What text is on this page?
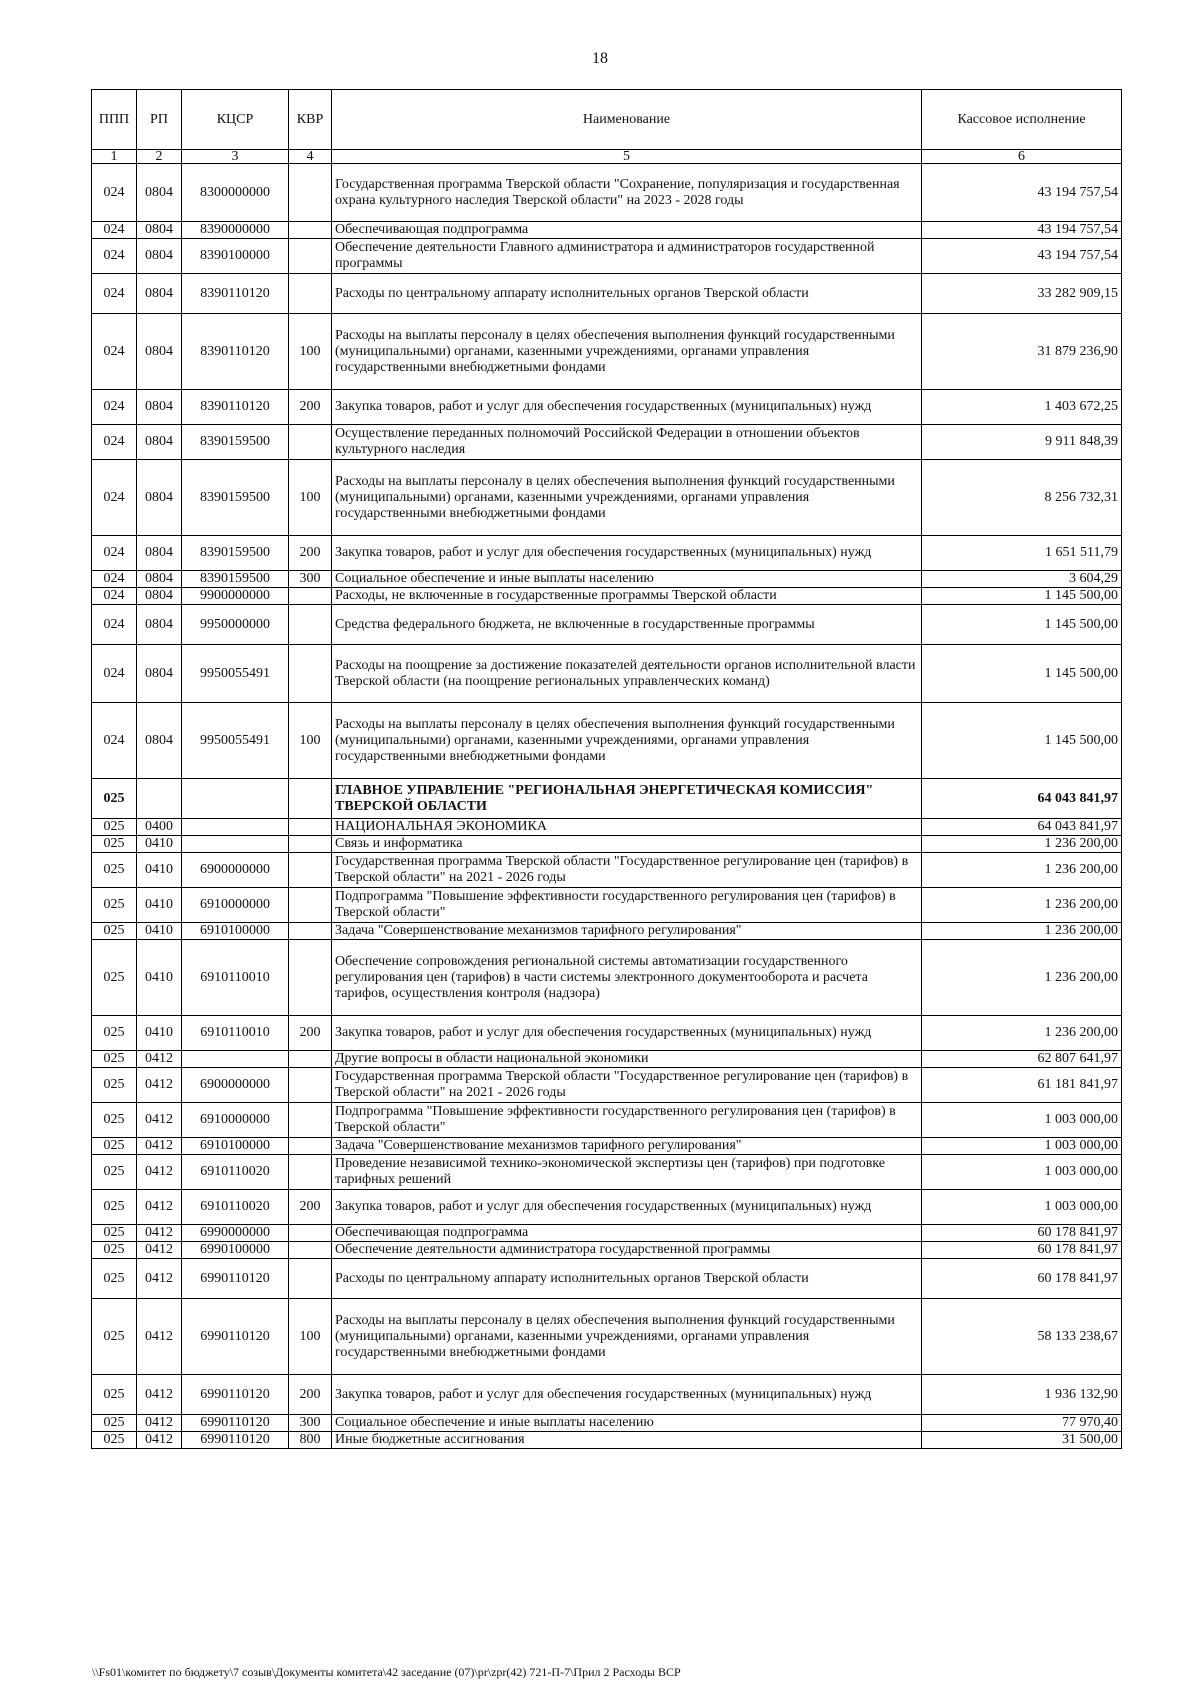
18
ППП	РП	КЦСР	КВР	Наименование	Кассовое исполнение
1	2	3	4	5	6
024	0804	8300000000		Государственная программа Тверской области "Сохранение, популяризация и государственная охрана культурного наследия Тверской области" на 2023 - 2028 годы	43 194 757,54
024	0804	8390000000		Обеспечивающая подпрограмма	43 194 757,54
024	0804	8390100000		Обеспечение деятельности Главного администратора и администраторов государственной программы	43 194 757,54
024	0804	8390110120		Расходы по центральному аппарату исполнительных органов Тверской области	33 282 909,15
024	0804	8390110120	100	Расходы на выплаты персоналу в целях обеспечения выполнения функций государственными (муниципальными) органами, казенными учреждениями, органами управления государственными внебюджетными фондами	31 879 236,90
024	0804	8390110120	200	Закупка товаров, работ и услуг для обеспечения государственных (муниципальных) нужд	1 403 672,25
024	0804	8390159500		Осуществление переданных полномочий Российской Федерации в отношении объектов культурного наследия	9 911 848,39
024	0804	8390159500	100	Расходы на выплаты персоналу в целях обеспечения выполнения функций государственными (муниципальными) органами, казенными учреждениями, органами управления государственными внебюджетными фондами	8 256 732,31
024	0804	8390159500	200	Закупка товаров, работ и услуг для обеспечения государственных (муниципальных) нужд	1 651 511,79
024	0804	8390159500	300	Социальное обеспечение и иные выплаты населению	3 604,29
024	0804	9900000000		Расходы, не включенные в государственные программы Тверской области	1 145 500,00
024	0804	9950000000		Средства федерального бюджета, не включенные в государственные программы	1 145 500,00
024	0804	9950055491		Расходы на поощрение за достижение показателей деятельности органов исполнительной власти Тверской области (на поощрение региональных управленческих команд)	1 145 500,00
024	0804	9950055491	100	Расходы на выплаты персоналу в целях обеспечения выполнения функций государственными (муниципальными) органами, казенными учреждениями, органами управления государственными внебюджетными фондами	1 145 500,00
025				ГЛАВНОЕ УПРАВЛЕНИЕ "РЕГИОНАЛЬНАЯ ЭНЕРГЕТИЧЕСКАЯ КОМИССИЯ" ТВЕРСКОЙ ОБЛАСТИ	64 043 841,97
025	0400			НАЦИОНАЛЬНАЯ ЭКОНОМИКА	64 043 841,97
025	0410			Связь и информатика	1 236 200,00
025	0410	6900000000		Государственная программа Тверской области "Государственное регулирование цен (тарифов) в Тверской области" на 2021 - 2026 годы	1 236 200,00
025	0410	6910000000		Подпрограмма "Повышение эффективности государственного регулирования цен (тарифов) в Тверской области"	1 236 200,00
025	0410	6910100000		Задача "Совершенствование механизмов тарифного регулирования"	1 236 200,00
025	0410	6910110010		Обеспечение сопровождения региональной системы автоматизации государственного регулирования цен (тарифов) в части системы электронного документооборота и расчета тарифов, осуществления контроля (надзора)	1 236 200,00
025	0410	6910110010	200	Закупка товаров, работ и услуг для обеспечения государственных (муниципальных) нужд	1 236 200,00
025	0412			Другие вопросы в области национальной экономики	62 807 641,97
025	0412	6900000000		Государственная программа Тверской области "Государственное регулирование цен (тарифов) в Тверской области" на 2021 - 2026 годы	61 181 841,97
025	0412	6910000000		Подпрограмма "Повышение эффективности государственного регулирования цен (тарифов) в Тверской области"	1 003 000,00
025	0412	6910100000		Задача "Совершенствование механизмов тарифного регулирования"	1 003 000,00
025	0412	6910110020		Проведение независимой технико-экономической экспертизы цен (тарифов) при подготовке тарифных решений	1 003 000,00
025	0412	6910110020	200	Закупка товаров, работ и услуг для обеспечения государственных (муниципальных) нужд	1 003 000,00
025	0412	6990000000		Обеспечивающая подпрограмма	60 178 841,97
025	0412	6990100000		Обеспечение деятельности администратора государственной программы	60 178 841,97
025	0412	6990110120		Расходы по центральному аппарату исполнительных органов Тверской области	60 178 841,97
025	0412	6990110120	100	Расходы на выплаты персоналу в целях обеспечения выполнения функций государственными (муниципальными) органами, казенными учреждениями, органами управления государственными внебюджетными фондами	58 133 238,67
025	0412	6990110120	200	Закупка товаров, работ и услуг для обеспечения государственных (муниципальных) нужд	1 936 132,90
025	0412	6990110120	300	Социальное обеспечение и иные выплаты населению	77 970,40
025	0412	6990110120	800	Иные бюджетные ассигнования	31 500,00
\\Fs01\комитет по бюджету\7 созыв\Документы комитета\42 заседание (07)\pr\zpr(42) 721-П-7\Прил 2 Расходы ВСР
